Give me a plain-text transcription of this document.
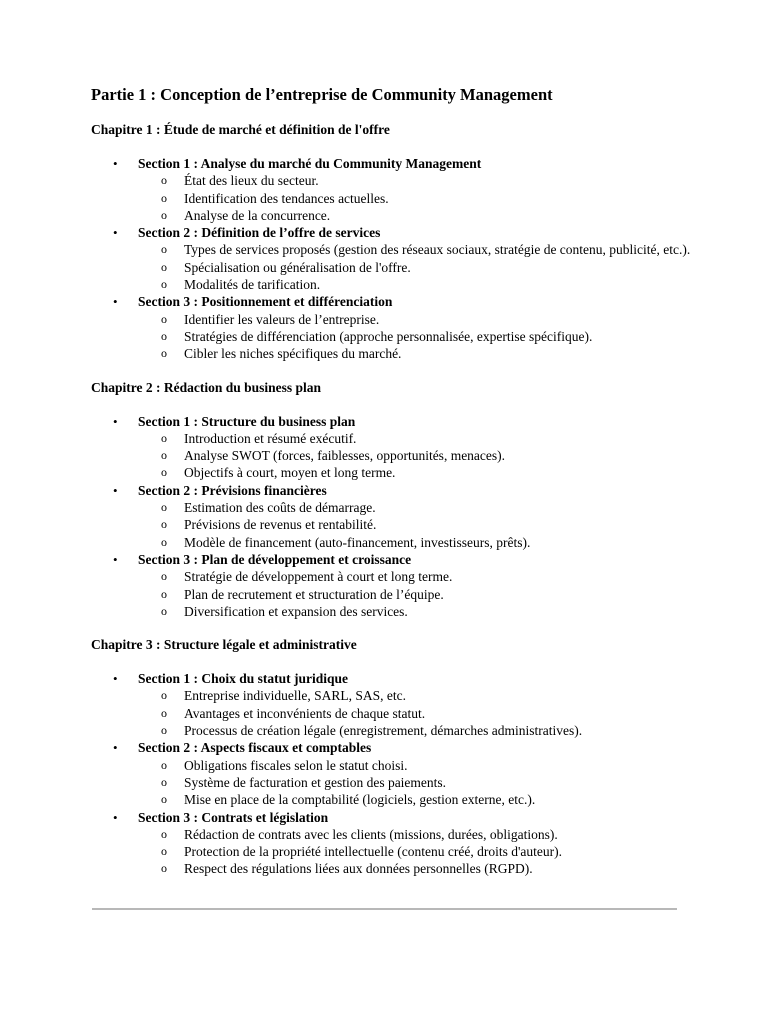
Partie 1 : Conception de l’entreprise de Community Management
Chapitre 1 : Étude de marché et définition de l'offre
• Section 1 : Analyse du marché du Community Management
o État des lieux du secteur.
o Identification des tendances actuelles.
o Analyse de la concurrence.
• Section 2 : Définition de l’offre de services
o Types de services proposés (gestion des réseaux sociaux, stratégie de contenu, publicité, etc.).
o Spécialisation ou généralisation de l'offre.
o Modalités de tarification.
• Section 3 : Positionnement et différenciation
o Identifier les valeurs de l’entreprise.
o Stratégies de différenciation (approche personnalisée, expertise spécifique).
o Cibler les niches spécifiques du marché.
Chapitre 2 : Rédaction du business plan
• Section 1 : Structure du business plan
o Introduction et résumé exécutif.
o Analyse SWOT (forces, faiblesses, opportunités, menaces).
o Objectifs à court, moyen et long terme.
• Section 2 : Prévisions financières
o Estimation des coûts de démarrage.
o Prévisions de revenus et rentabilité.
o Modèle de financement (auto-financement, investisseurs, prêts).
• Section 3 : Plan de développement et croissance
o Stratégie de développement à court et long terme.
o Plan de recrutement et structuration de l’équipe.
o Diversification et expansion des services.
Chapitre 3 : Structure légale et administrative
• Section 1 : Choix du statut juridique
o Entreprise individuelle, SARL, SAS, etc.
o Avantages et inconvénients de chaque statut.
o Processus de création légale (enregistrement, démarches administratives).
• Section 2 : Aspects fiscaux et comptables
o Obligations fiscales selon le statut choisi.
o Système de facturation et gestion des paiements.
o Mise en place de la comptabilité (logiciels, gestion externe, etc.).
• Section 3 : Contrats et législation
o Rédaction de contrats avec les clients (missions, durées, obligations).
o Protection de la propriété intellectuelle (contenu créé, droits d'auteur).
o Respect des régulations liées aux données personnelles (RGPD).
